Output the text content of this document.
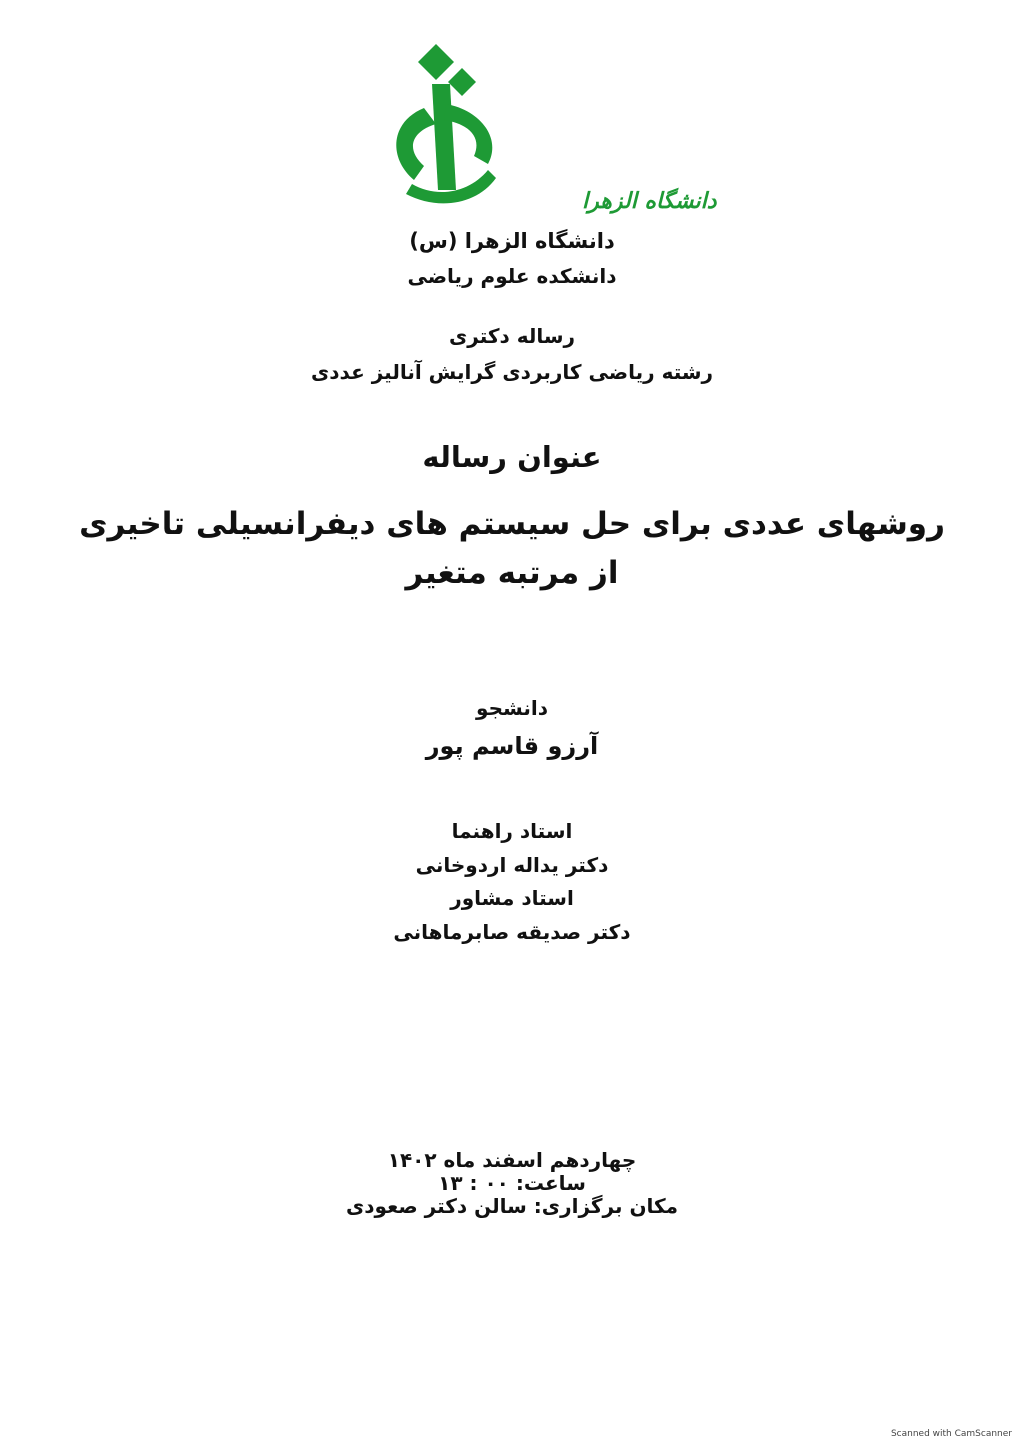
دانشگاه الزهرا
دانشگاه الزهرا (س)
دانشکده علوم ریاضی
رساله دکتری
رشته ریاضی کاربردی گرایش آنالیز عددی
عنوان رساله
روشهای عددی برای حل سیستم های دیفرانسیلی تاخیری
از مرتبه متغیر
دانشجو
آرزو قاسم پور
استاد راهنما
دکتر یداله اردوخانی
استاد مشاور
دکتر صدیقه صابرماهانی
چهاردهم اسفند ماه ۱۴۰۲
ساعت: ۰۰ : ۱۳
مکان برگزاری: سالن دکتر صعودی
Scanned with CamScanner
